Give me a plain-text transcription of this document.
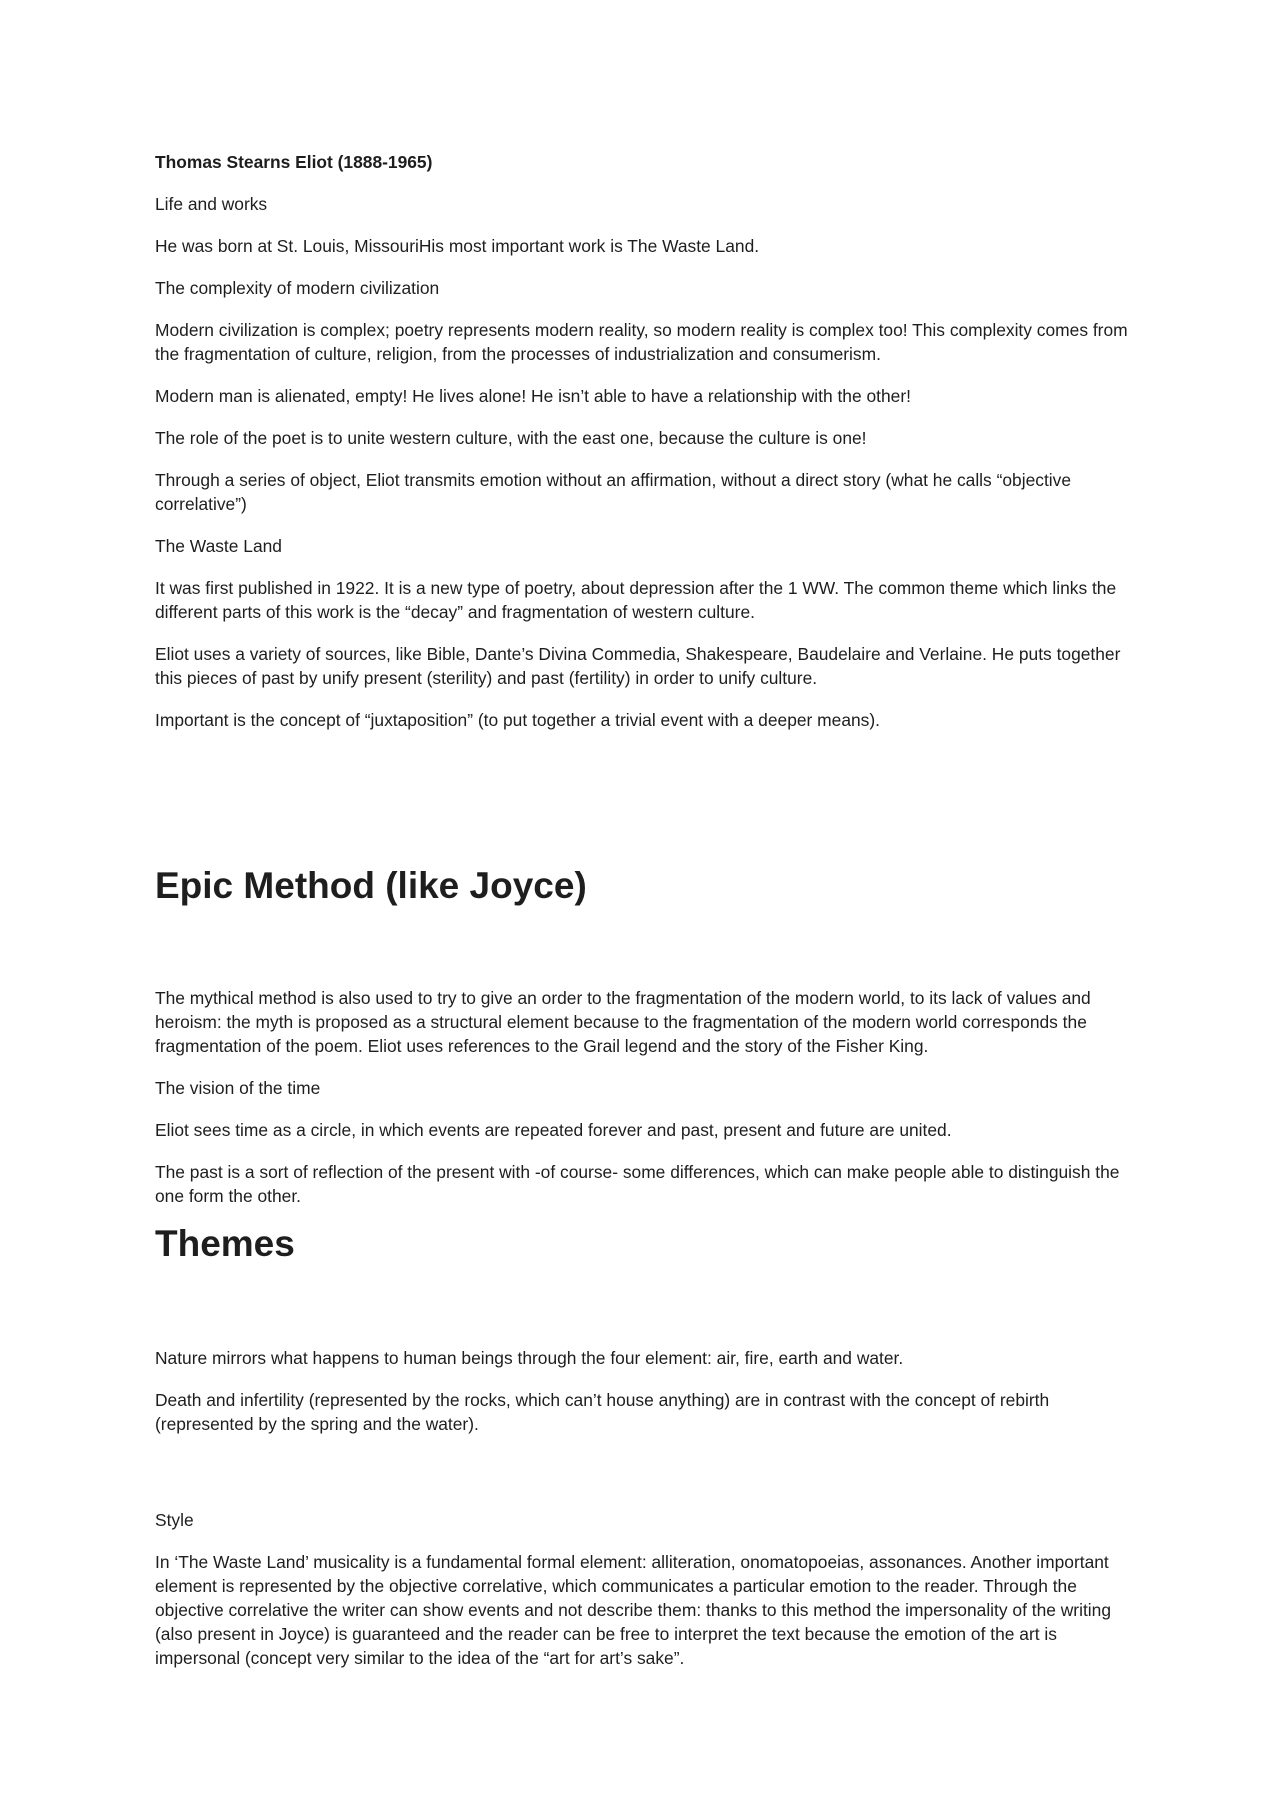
Thomas Stearns Eliot (1888-1965)

Life and works

He was born at St. Louis, MissouriHis most important work is The Waste Land.

The complexity of modern civilization

Modern civilization is complex; poetry represents modern reality, so modern reality is complex too! This complexity comes from the fragmentation of culture, religion, from the processes of industrialization and consumerism.

Modern man is alienated, empty! He lives alone! He isn’t able to have a relationship with the other!

The role of the poet is to unite western culture, with the east one, because the culture is one!

Through a series of object, Eliot transmits emotion without an affirmation, without a direct story (what he calls “objective correlative”)

The Waste Land

It was first published in 1922. It is a new type of poetry, about depression after the 1 WW. The common theme which links the different parts of this work is the “decay” and fragmentation of western culture.

Eliot uses a variety of sources, like Bible, Dante’s Divina Commedia, Shakespeare, Baudelaire and Verlaine. He puts together this pieces of past by unify present (sterility) and past (fertility) in order to unify culture.

Important is the concept of “juxtaposition” (to put together a trivial event with a deeper means).

Epic Method (like Joyce)

The mythical method is also used to try to give an order to the fragmentation of the modern world, to its lack of values and heroism: the myth is proposed as a structural element because to the fragmentation of the modern world corresponds the fragmentation of the poem. Eliot uses references to the Grail legend and the story of the Fisher King.

The vision of the time

Eliot sees time as a circle, in which events are repeated forever and past, present and future are united.

The past is a sort of reflection of the present with -of course- some differences, which can make people able to distinguish the one form the other.

Themes

Nature mirrors what happens to human beings through the four element: air, fire, earth and water.

Death and infertility (represented by the rocks, which can’t house anything) are in contrast with the concept of rebirth (represented by the spring and the water).

Style

In ‘The Waste Land’ musicality is a fundamental formal element: alliteration, onomatopoeias, assonances. Another important element is represented by the objective correlative, which communicates a particular emotion to the reader. Through the objective correlative the writer can show events and not describe them: thanks to this method the impersonality of the writing (also present in Joyce) is guaranteed and the reader can be free to interpret the text because the emotion of the art is impersonal (concept very similar to the idea of the “art for art’s sake”.
